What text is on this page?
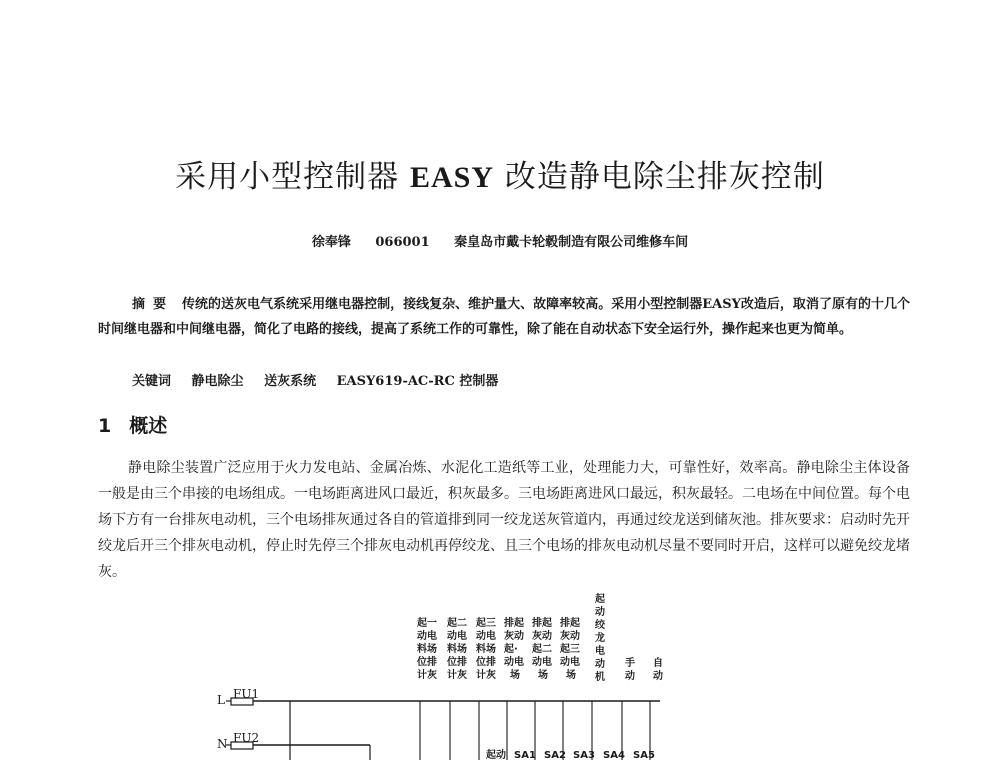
采用小型控制器 EASY 改造静电除尘排灰控制
徐奉锋 066001 秦皇岛市戴卡轮毂制造有限公司维修车间
摘要 传统的送灰电气系统采用继电器控制，接线复杂、维护量大、故障率较高。采用小型控制器EASY改造后，取消了原有的十几个时间继电器和中间继电器，简化了电路的接线，提高了系统工作的可靠性，除了能在自动状态下安全运行外，操作起来也更为简单。
关键词 静电除尘 送灰系统 EASY619-AC-RC 控制器
1 概述
静电除尘装置广泛应用于火力发电站、金属冶炼、水泥化工造纸等工业，处理能力大，可靠性好，效率高。静电除尘主体设备一般是由三个串接的电场组成。一电场距离进风口最近，积灰最多。三电场距离进风口最远，积灰最轻。二电场在中间位置。每个电场下方有一台排灰电动机，三个电场排灰通过各自的管道排到同一绞龙送灰管道内，再通过绞龙送到储灰池。排灰要求：启动时先开绞龙后开三个排灰电动机，停止时先停三个排灰电动机再停绞龙、且三个电场的排灰电动机尽量不要同时开启，这样可以避免绞龙堵灰。
起一
动电
料场
位排
计灰
起二
动电
料场
位排
计灰
起三
动电
料场
位排
计灰
排起
灰动
起·
动电
场
排起
灰动
起二
动电
场
排起
灰动
起三
动电
场
起
动
绞
龙
电
动
机
手
动
自
动
L FU1
N FU2
起动 SA1 SA2 SA3 SA4 SA5
